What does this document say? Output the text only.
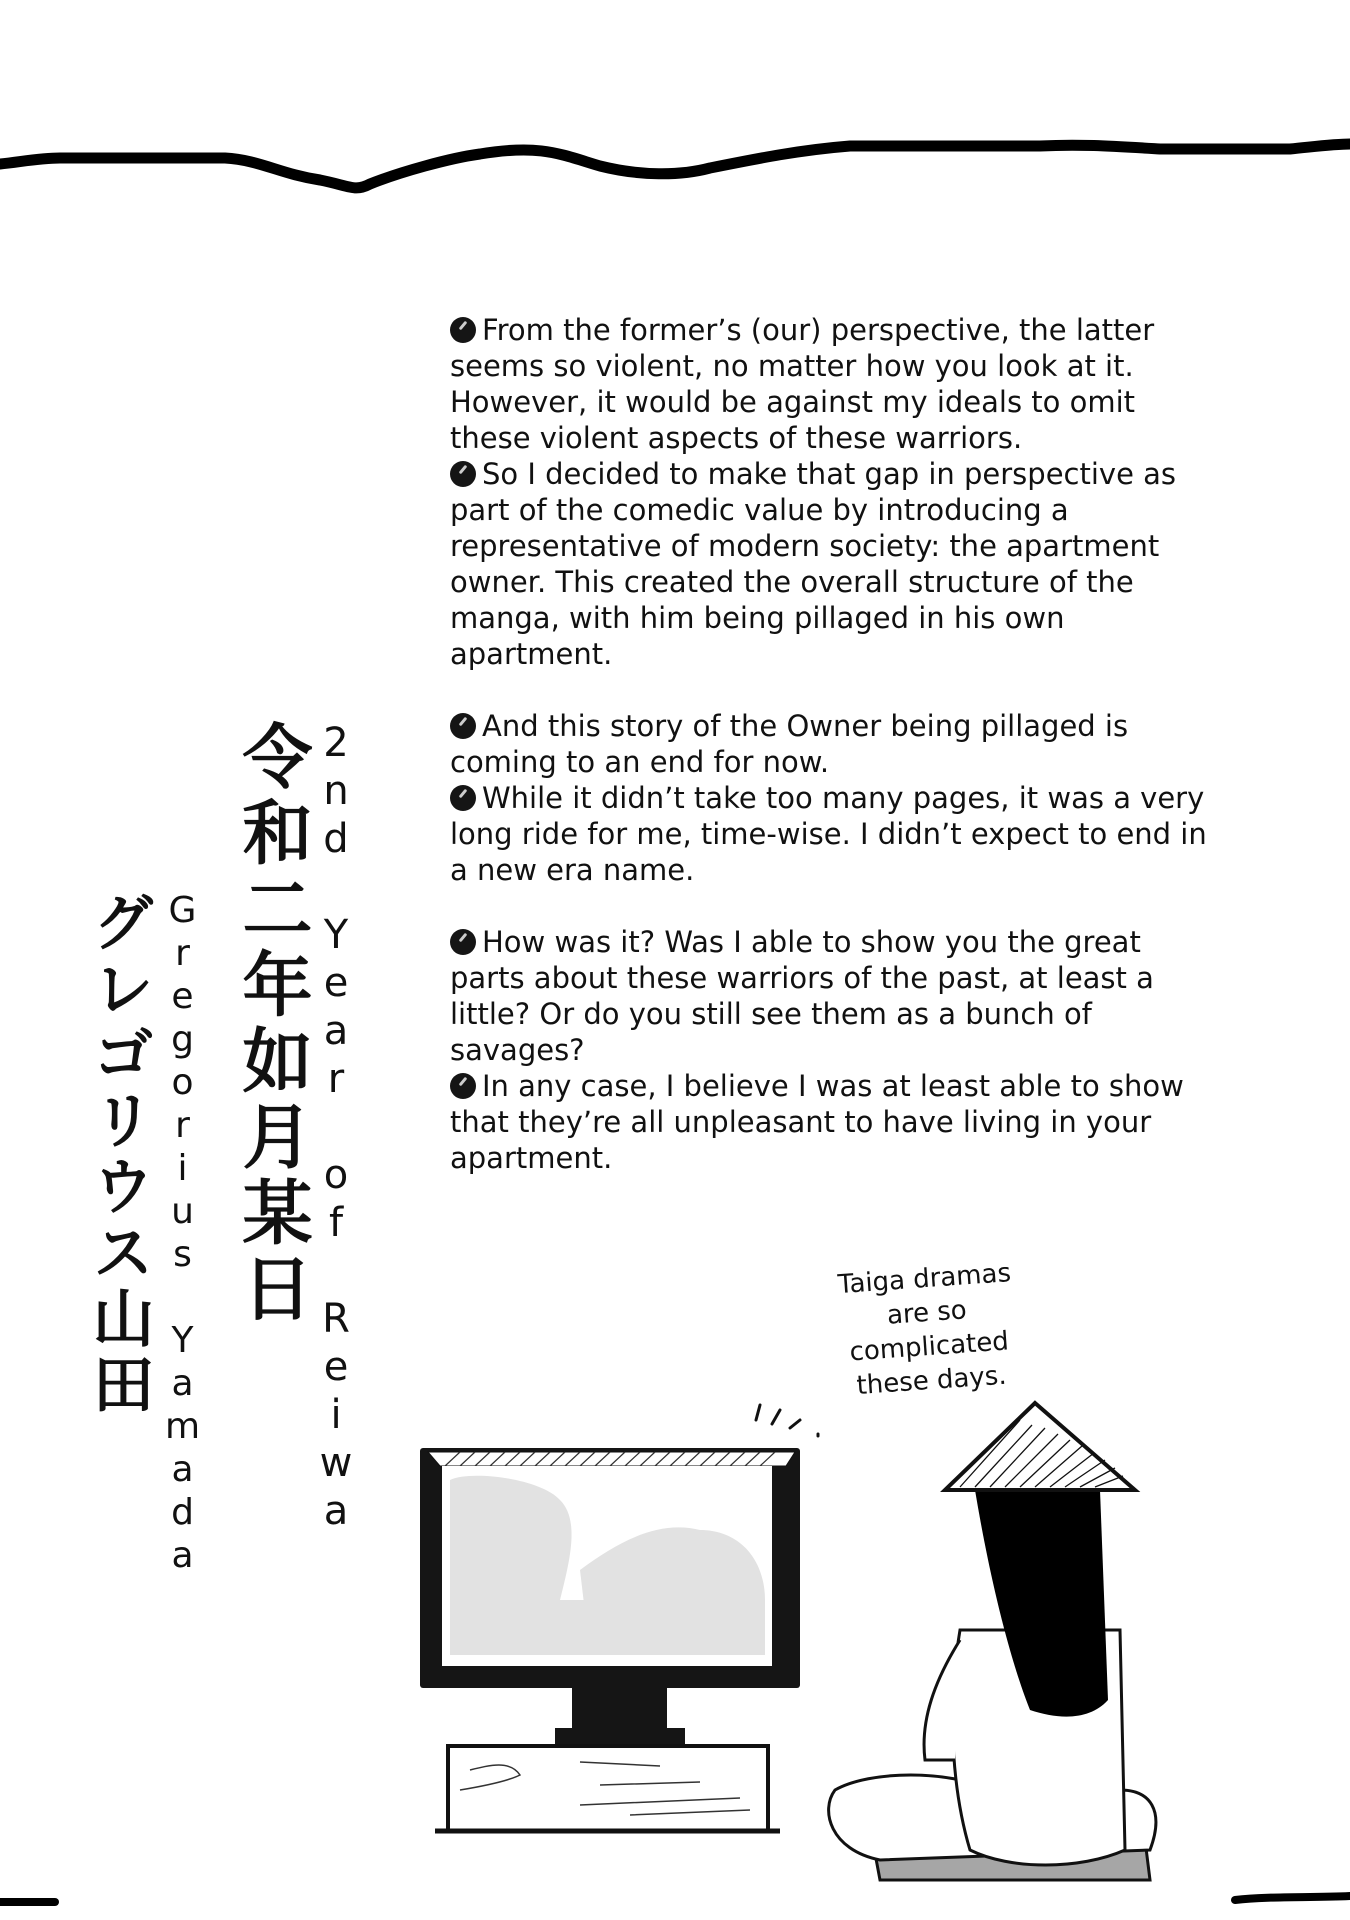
From the former’s (our) perspective, the latter seems so violent, no matter how you look at it. However, it would be against my ideals to omit these violent aspects of these warriors.
So I decided to make that gap in perspective as part of the comedic value by introducing a representative of modern society: the apartment owner. This created the overall structure of the manga, with him being pillaged in his own apartment.
And this story of the Owner being pillaged is coming to an end for now.
While it didn’t take too many pages, it was a very long ride for me, time-wise. I didn’t expect to end in a new era name.
How was it? Was I able to show you the great parts about these warriors of the past, at least a little? Or do you still see them as a bunch of savages?
In any case, I believe I was at least able to show that they’re all unpleasant to have living in your apartment.
2nd Year of Reiwa
令和二年如月某日
Gregorius Yamada
グレゴリウス山田	Taiga dramas
are so
complicated
these days.
